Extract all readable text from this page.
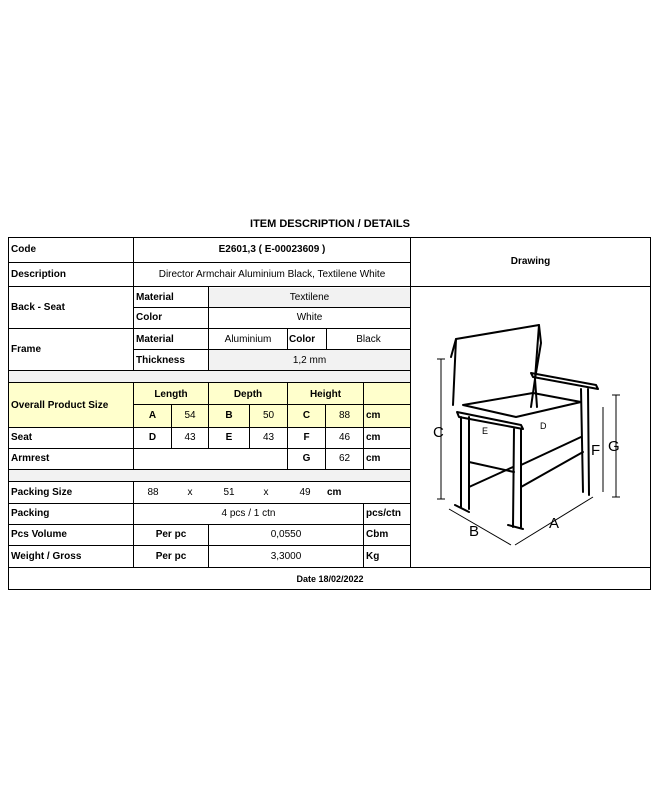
ITEM DESCRIPTION / DETAILS
Code	E2601,3 ( E-00023609 )
Drawing
Description	Director Armchair Aluminium Black, Textilene White
Back - Seat
Material	Textilene
Color	White
Frame
Material	Aluminium	Color	Black
Thickness	1,2 mm
Overall Product Size
Length	Depth	Height
A	54	B	50	C	88	cm
Seat	D	43	E	43	F	46	cm
Armrest	G	62	cm
Packing Size	88	x	51	x	49	cm
Packing	4 pcs / 1 ctn	pcs/ctn
Pcs Volume	Per pc	0,0550	Cbm
Weight / Gross	Per pc	3,3000	Kg
Date 18/02/2022
C	E	D
F G
B	A
